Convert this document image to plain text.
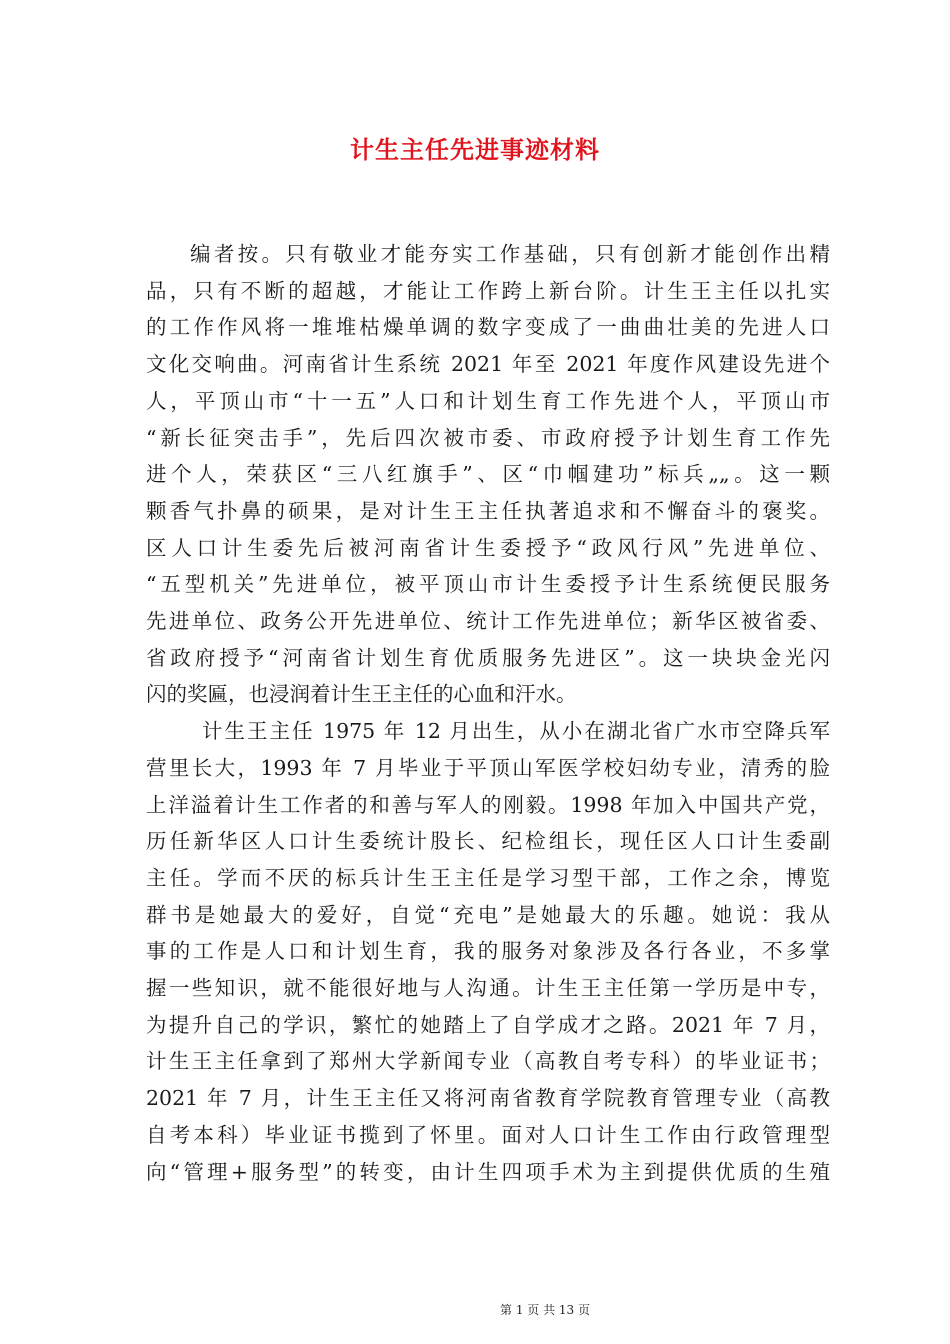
计生主任先进事迹材料

编者按。只有敬业才能夯实工作基础，只有创新才能创作出精
品，只有不断的超越，才能让工作跨上新台阶。计生王主任以扎实
的工作作风将一堆堆枯燥单调的数字变成了一曲曲壮美的先进人口
文化交响曲。河南省计生系统 2021 年至 2021 年度作风建设先进个
人，平顶山市“十一五”人口和计划生育工作先进个人，平顶山市
“新长征突击手”，先后四次被市委、市政府授予计划生育工作先
进个人，荣获区“三八红旗手”、区“巾帼建功”标兵„„。这一颗
颗香气扑鼻的硕果，是对计生王主任执著追求和不懈奋斗的褒奖。
区人口计生委先后被河南省计生委授予“政风行风”先进单位、
“五型机关”先进单位，被平顶山市计生委授予计生系统便民服务
先进单位、政务公开先进单位、统计工作先进单位；新华区被省委、
省政府授予“河南省计划生育优质服务先进区”。这一块块金光闪
闪的奖匾，也浸润着计生王主任的心血和汗水。

计生王主任 1975 年 12 月出生，从小在湖北省广水市空降兵军
营里长大，1993 年 7 月毕业于平顶山军医学校妇幼专业，清秀的脸
上洋溢着计生工作者的和善与军人的刚毅。1998 年加入中国共产党，
历任新华区人口计生委统计股长、纪检组长，现任区人口计生委副
主任。学而不厌的标兵计生王主任是学习型干部，工作之余，博览
群书是她最大的爱好，自觉“充电”是她最大的乐趣。她说：我从
事的工作是人口和计划生育，我的服务对象涉及各行各业，不多掌
握一些知识，就不能很好地与人沟通。计生王主任第一学历是中专，
为提升自己的学识，繁忙的她踏上了自学成才之路。2021 年 7 月，
计生王主任拿到了郑州大学新闻专业（高教自考专科）的毕业证书；
2021 年 7 月，计生王主任又将河南省教育学院教育管理专业（高教
自考本科）毕业证书揽到了怀里。面对人口计生工作由行政管理型
向“管理+服务型”的转变，由计生四项手术为主到提供优质的生殖

第 1 页 共 13 页
